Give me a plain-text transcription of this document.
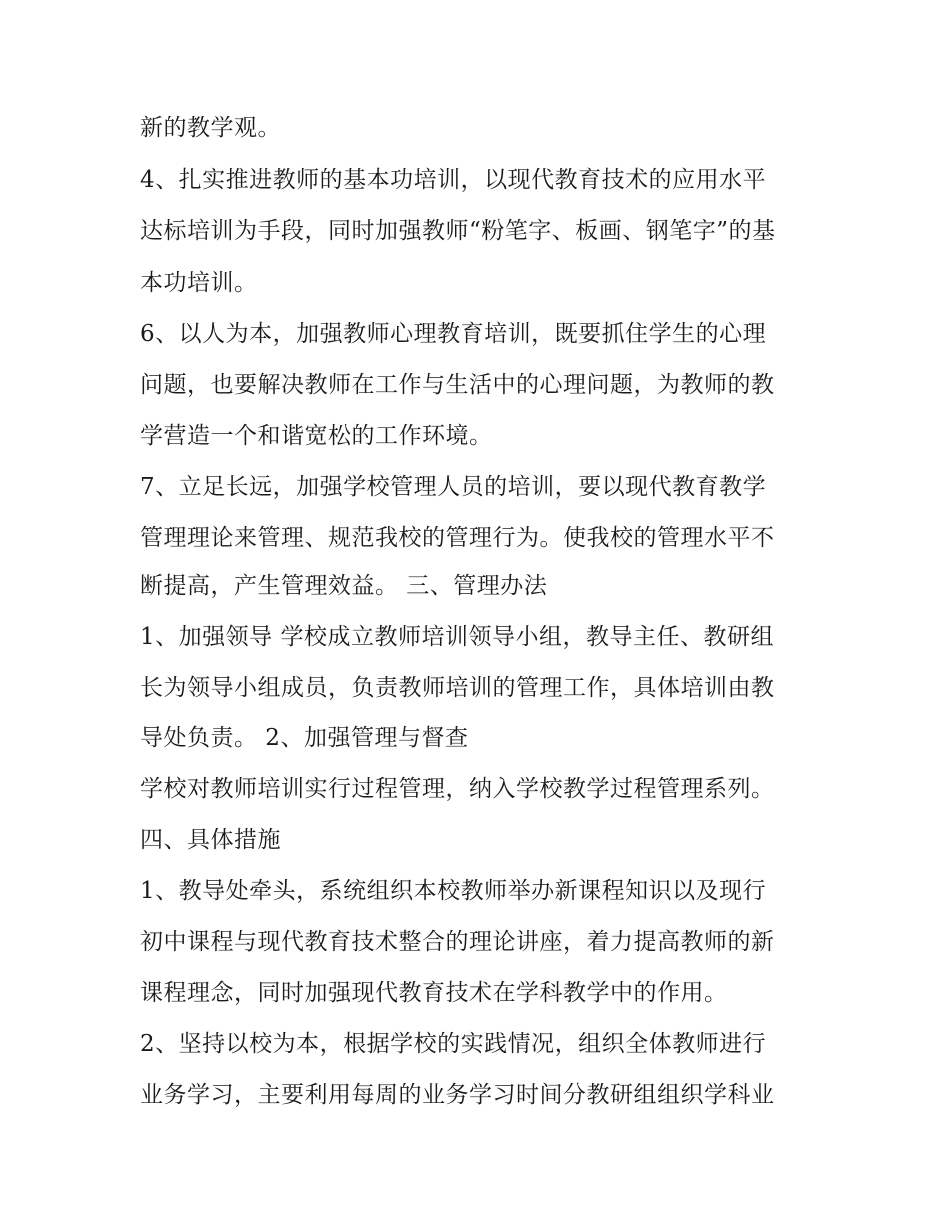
新的教学观。
4、扎实推进教师的基本功培训，以现代教育技术的应用水平
达标培训为手段，同时加强教师“粉笔字、板画、钢笔字”的基
本功培训。
6、以人为本，加强教师心理教育培训，既要抓住学生的心理
问题，也要解决教师在工作与生活中的心理问题，为教师的教
学营造一个和谐宽松的工作环境。
7、立足长远，加强学校管理人员的培训，要以现代教育教学
管理理论来管理、规范我校的管理行为。使我校的管理水平不
断提高，产生管理效益。 三、管理办法
1、加强领导 学校成立教师培训领导小组，教导主任、教研组
长为领导小组成员，负责教师培训的管理工作，具体培训由教
导处负责。 2、加强管理与督查
学校对教师培训实行过程管理，纳入学校教学过程管理系列。
四、具体措施
1、教导处牵头，系统组织本校教师举办新课程知识以及现行
初中课程与现代教育技术整合的理论讲座，着力提高教师的新
课程理念，同时加强现代教育技术在学科教学中的作用。
2、坚持以校为本，根据学校的实践情况，组织全体教师进行
业务学习，主要利用每周的业务学习时间分教研组组织学科业
